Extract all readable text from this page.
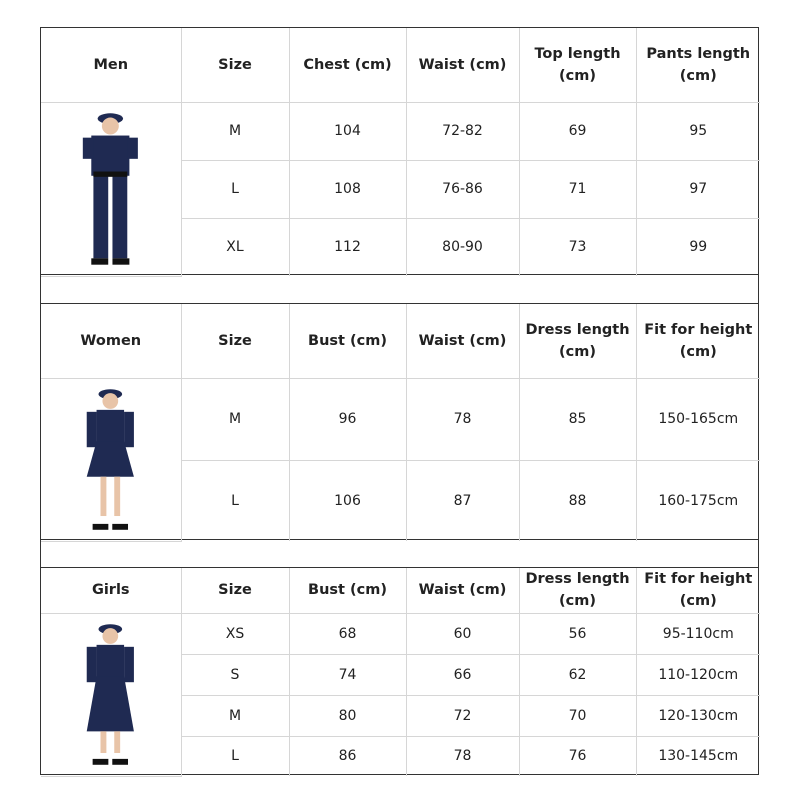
Men	Size	Chest (cm)	Waist (cm)	Top length (cm)	Pants length (cm)

	M	104	72-82	69	95
	L	108	76-86	71	97
	XL	112	80-90	73	99
Women	Size	Bust (cm)	Waist (cm)	Dress length (cm)	Fit for height (cm)

	M	96	78	85	150-165cm
	L	106	87	88	160-175cm
Girls	Size	Bust (cm)	Waist (cm)	Dress length (cm)	Fit for height (cm)

	XS	68	60	56	95-110cm
	S	74	66	62	110-120cm
	M	80	72	70	120-130cm
	L	86	78	76	130-145cm
